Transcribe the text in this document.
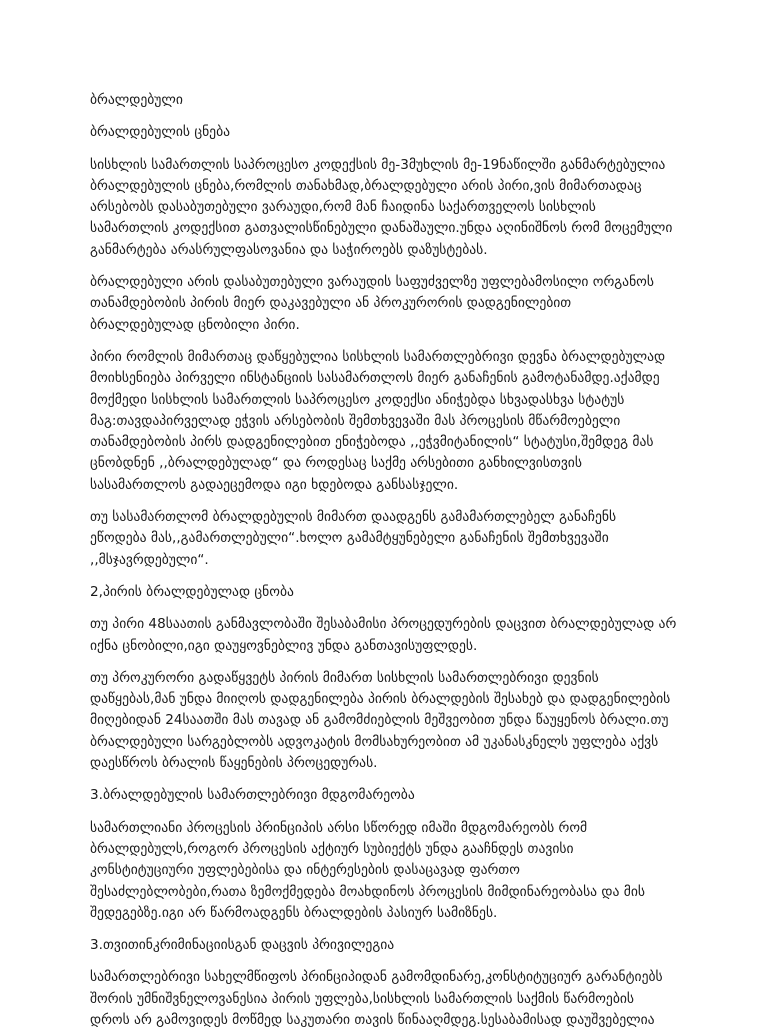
ბრალდებული

ბრალდებულის ცნება

სისხლის სამართლის საპროცესო კოდექსის მე-3მუხლის მე-19ნაწილში განმარტებულია
ბრალდებულის ცნება,რომლის თანახმად,ბრალდებული არის პირი,ვის მიმართადაც
არსებობს დასაბუთებული ვარაუდი,რომ მან ჩაიდინა საქართველოს სისხლის
სამართლის კოდექსით გათვალისწინებული დანაშაული.უნდა აღინიშნოს რომ მოცემული
განმარტება არასრულფასოვანია და საჭიროებს დაზუსტებას.

ბრალდებული არის დასაბუთებული ვარაუდის საფუძველზე უფლებამოსილი ორგანოს
თანამდებობის პირის მიერ დაკავებული ან პროკურორის დადგენილებით
ბრალდებულად ცნობილი პირი.

პირი რომლის მიმართაც დაწყებულია სისხლის სამართლებრივი დევნა ბრალდებულად
მოიხსენიება პირველი ინსტანციის სასამართლოს მიერ განაჩენის გამოტანამდე.აქამდე
მოქმედი სისხლის სამართლის საპროცესო კოდექსი ანიჭებდა სხვადასხვა სტატუს
მაგ:თავდაპირველად ეჭვის არსებობის შემთხვევაში მას პროცესის მწარმოებელი
თანამდებობის პირს დადგენილებით ენიჭებოდა ,,ეჭვმიტანილის“ სტატუსი,შემდეგ მას
ცნობდნენ ,,ბრალდებულად“ და როდესაც საქმე არსებითი განხილვისთვის
სასამართლოს გადაეცემოდა იგი ხდებოდა განსასჯელი.

თუ სასამართლომ ბრალდებულის მიმართ დაადგენს გამამართლებელ განაჩენს
ეწოდება მას,,გამართლებული“.ხოლო გამამტყუნებელი განაჩენის შემთხვევაში
,,მსჯავრდებული“.

2,პირის ბრალდებულად ცნობა

თუ პირი 48საათის განმავლობაში შესაბამისი პროცედურების დაცვით ბრალდებულად არ
იქნა ცნობილი,იგი დაუყოვნებლივ უნდა განთავისუფლდეს.

თუ პროკურორი გადაწყვეტს პირის მიმართ სისხლის სამართლებრივი დევნის
დაწყებას,მან უნდა მიიღოს დადგენილება პირის ბრალდების შესახებ და დადგენილების
მიღებიდან 24საათში მას თავად ან გამომძიებლის მეშვეობით უნდა წაუყენოს ბრალი.თუ
ბრალდებული სარგებლობს ადვოკატის მომსახურეობით ამ უკანასკნელს უფლება აქვს
დაესწროს ბრალის წაყენების პროცედურას.

3.ბრალდებულის სამართლებრივი მდგომარეობა

სამართლიანი პროცესის პრინციპის არსი სწორედ იმაში მდგომარეობს რომ
ბრალდებულს,როგორ პროცესის აქტიურ სუბიექტს უნდა გააჩნდეს თავისი
კონსტიტუციური უფლებებისა და ინტერესების დასაცავად ფართო
შესაძლებლობები,რათა ზემოქმედება მოახდინოს პროცესის მიმდინარეობასა და მის
შედეგებზე.იგი არ წარმოადგენს ბრალდების პასიურ სამიზნეს.

3.თვითინკრიმინაციისგან დაცვის პრივილეგია

სამართლებრივი სახელმწიფოს პრინციპიდან გამომდინარე,კონსტიტუციურ გარანტიებს
შორის უმნიშვნელოვანესია პირის უფლება,სისხლის სამართლის საქმის წარმოების
დროს არ გამოვიდეს მოწმედ საკუთარი თავის წინააღმდეგ.სესაბამისად დაუშვებელია
